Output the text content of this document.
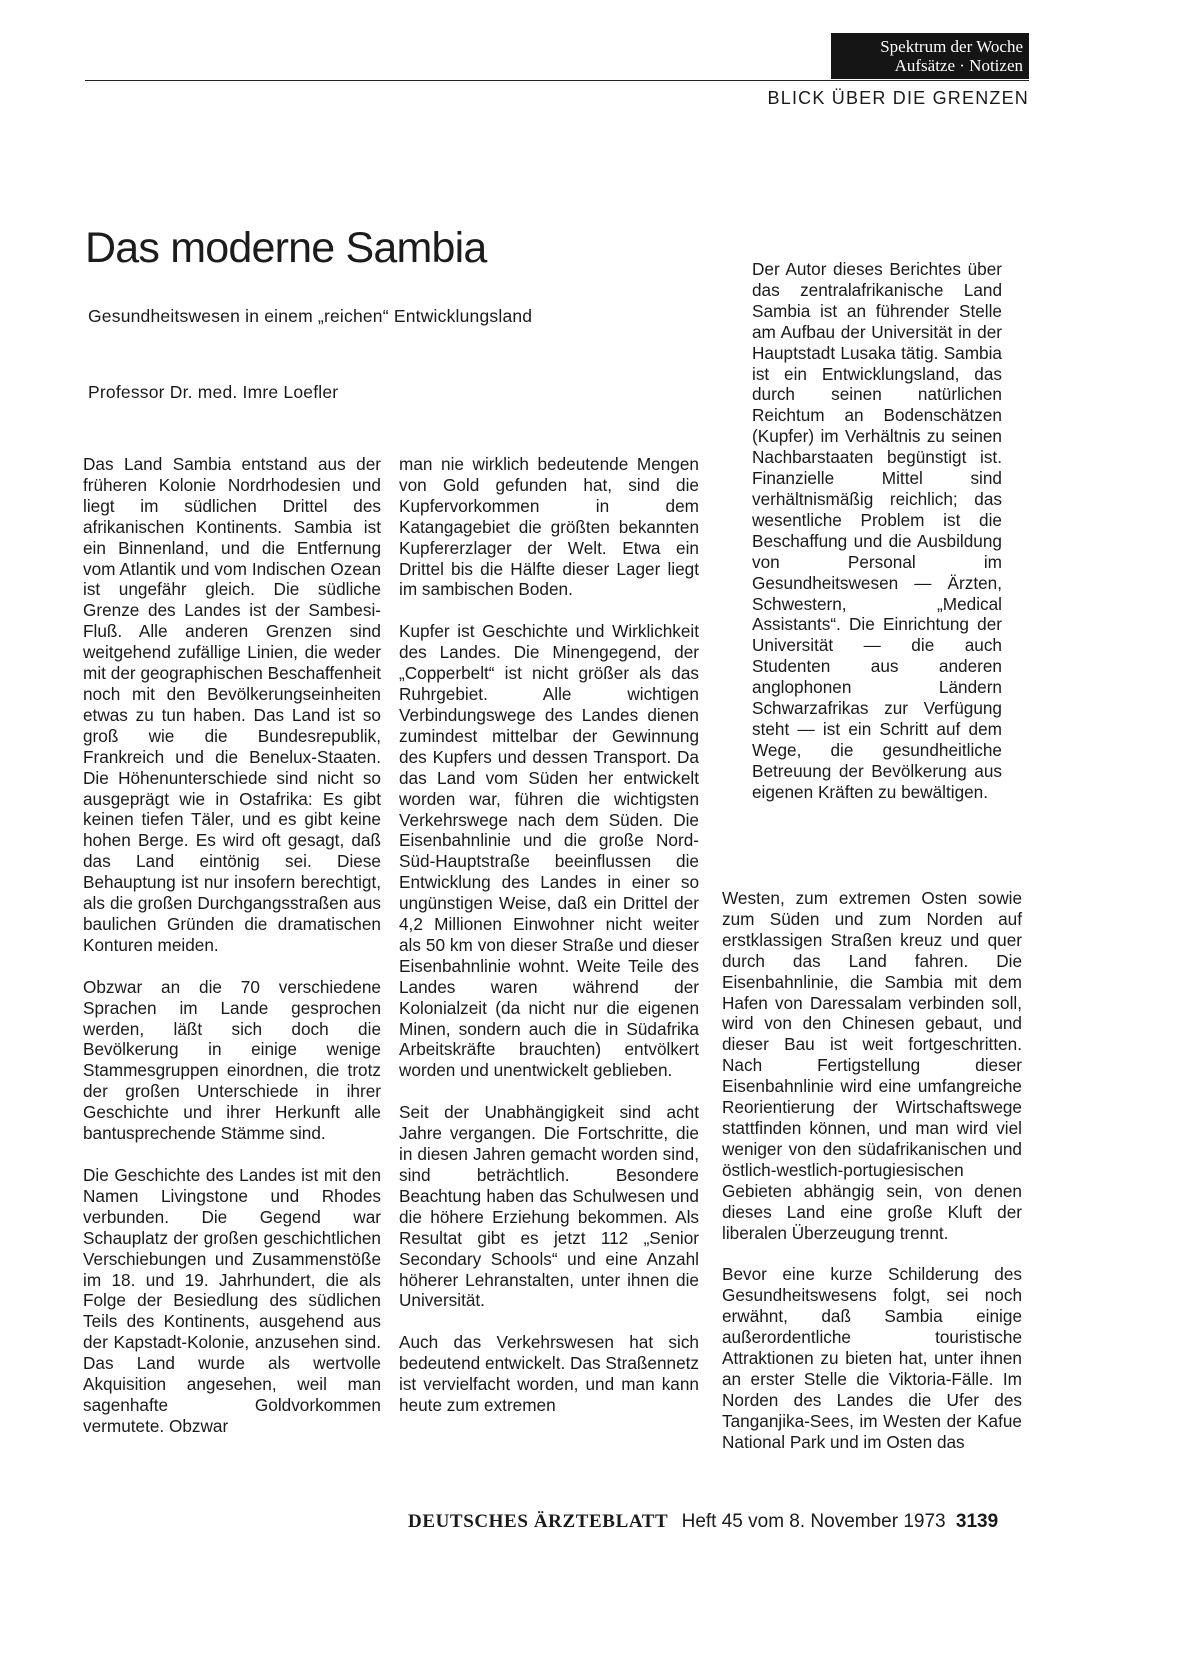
Spektrum der Woche
Aufsätze · Notizen
BLICK ÜBER DIE GRENZEN
Das moderne Sambia
Gesundheitswesen in einem „reichen“ Entwicklungsland
Professor Dr. med. Imre Loefler

Das Land Sambia entstand aus der früheren Kolonie Nordrhodesien und liegt im südlichen Drittel des afrikanischen Kontinents. Sambia ist ein Binnenland, und die Entfernung vom Atlantik und vom Indischen Ozean ist ungefähr gleich. Die südliche Grenze des Landes ist der Sambesi-Fluß. Alle anderen Grenzen sind weitgehend zufällige Linien, die weder mit der geographischen Beschaffenheit noch mit den Bevölkerungseinheiten etwas zu tun haben. Das Land ist so groß wie die Bundesrepublik, Frankreich und die Benelux-Staaten. Die Höhenunterschiede sind nicht so ausgeprägt wie in Ostafrika: Es gibt keinen tiefen Täler, und es gibt keine hohen Berge. Es wird oft gesagt, daß das Land eintönig sei. Diese Behauptung ist nur insofern berechtigt, als die großen Durchgangsstraßen aus baulichen Gründen die dramatischen Konturen meiden.

Obzwar an die 70 verschiedene Sprachen im Lande gesprochen werden, läßt sich doch die Bevölkerung in einige wenige Stammesgruppen einordnen, die trotz der großen Unterschiede in ihrer Geschichte und ihrer Herkunft alle bantusprechende Stämme sind.

Die Geschichte des Landes ist mit den Namen Livingstone und Rhodes verbunden. Die Gegend war Schauplatz der großen geschichtlichen Verschiebungen und Zusammenstöße im 18. und 19. Jahrhundert, die als Folge der Besiedlung des südlichen Teils des Kontinents, ausgehend aus der Kapstadt-Kolonie, anzusehen sind. Das Land wurde als wertvolle Akquisition angesehen, weil man sagenhafte Goldvorkommen vermutete. Obzwar

man nie wirklich bedeutende Mengen von Gold gefunden hat, sind die Kupfervorkommen in dem Katangagebiet die größten bekannten Kupfererzlager der Welt. Etwa ein Drittel bis die Hälfte dieser Lager liegt im sambischen Boden.

Kupfer ist Geschichte und Wirklichkeit des Landes. Die Minengegend, der „Copperbelt“ ist nicht größer als das Ruhrgebiet. Alle wichtigen Verbindungswege des Landes dienen zumindest mittelbar der Gewinnung des Kupfers und dessen Transport. Da das Land vom Süden her entwickelt worden war, führen die wichtigsten Verkehrswege nach dem Süden. Die Eisenbahnlinie und die große Nord-Süd-Hauptstraße beeinflussen die Entwicklung des Landes in einer so ungünstigen Weise, daß ein Drittel der 4,2 Millionen Einwohner nicht weiter als 50 km von dieser Straße und dieser Eisenbahnlinie wohnt. Weite Teile des Landes waren während der Kolonialzeit (da nicht nur die eigenen Minen, sondern auch die in Südafrika Arbeitskräfte brauchten) entvölkert worden und unentwickelt geblieben.

Seit der Unabhängigkeit sind acht Jahre vergangen. Die Fortschritte, die in diesen Jahren gemacht worden sind, sind beträchtlich. Besondere Beachtung haben das Schulwesen und die höhere Erziehung bekommen. Als Resultat gibt es jetzt 112 „Senior Secondary Schools“ und eine Anzahl höherer Lehranstalten, unter ihnen die Universität.

Auch das Verkehrswesen hat sich bedeutend entwickelt. Das Straßennetz ist vervielfacht worden, und man kann heute zum extremen

Der Autor dieses Berichtes über das zentralafrikanische Land Sambia ist an führender Stelle am Aufbau der Universität in der Hauptstadt Lusaka tätig. Sambia ist ein Entwicklungsland, das durch seinen natürlichen Reichtum an Bodenschätzen (Kupfer) im Verhältnis zu seinen Nachbarstaaten begünstigt ist. Finanzielle Mittel sind verhältnismäßig reichlich; das wesentliche Problem ist die Beschaffung und die Ausbildung von Personal im Gesundheitswesen — Ärzten, Schwestern, „Medical Assistants“. Die Einrichtung der Universität — die auch Studenten aus anderen anglophonen Ländern Schwarzafrikas zur Verfügung steht — ist ein Schritt auf dem Wege, die gesundheitliche Betreuung der Bevölkerung aus eigenen Kräften zu bewältigen.

Westen, zum extremen Osten sowie zum Süden und zum Norden auf erstklassigen Straßen kreuz und quer durch das Land fahren. Die Eisenbahnlinie, die Sambia mit dem Hafen von Daressalam verbinden soll, wird von den Chinesen gebaut, und dieser Bau ist weit fortgeschritten. Nach Fertigstellung dieser Eisenbahnlinie wird eine umfangreiche Reorientierung der Wirtschaftswege stattfinden können, und man wird viel weniger von den südafrikanischen und östlich-westlich-portugiesischen Gebieten abhängig sein, von denen dieses Land eine große Kluft der liberalen Überzeugung trennt.

Bevor eine kurze Schilderung des Gesundheitswesens folgt, sei noch erwähnt, daß Sambia einige außerordentliche touristische Attraktionen zu bieten hat, unter ihnen an erster Stelle die Viktoria-Fälle. Im Norden des Landes die Ufer des Tanganjika-Sees, im Westen der Kafue National Park und im Osten das

DEUTSCHES ÄRZTEBLATT Heft 45 vom 8. November 1973 3139
